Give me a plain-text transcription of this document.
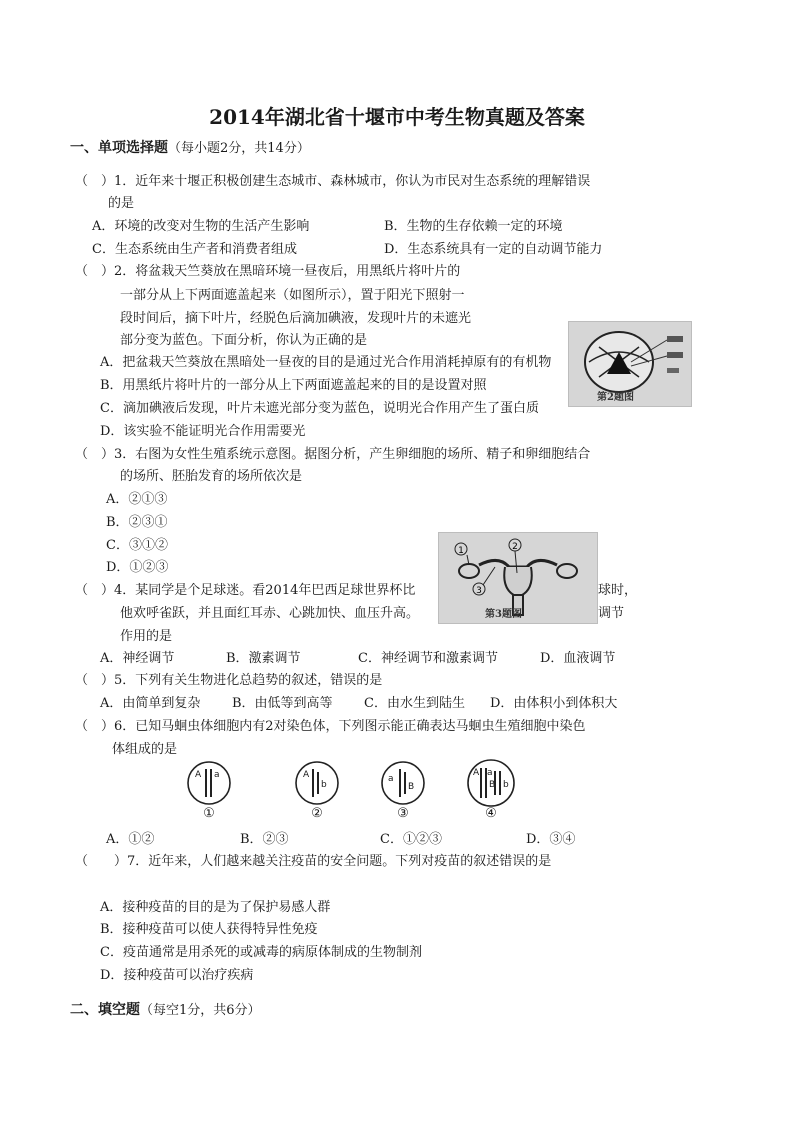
2014年湖北省十堰市中考生物真题及答案
一、单项选择题（每小题2分，共14分）
（　）1．近年来十堰正积极创建生态城市、森林城市，你认为市民对生态系统的理解错误
的是
A．环境的改变对生物的生活产生影响	B．生物的生存依赖一定的环境
C．生态系统由生产者和消费者组成	D．生态系统具有一定的自动调节能力
（　）2．将盆栽天竺葵放在黑暗环境一昼夜后，用黑纸片将叶片的
一部分从上下两面遮盖起来（如图所示），置于阳光下照射一
段时间后，摘下叶片，经脱色后滴加碘液，发现叶片的未遮光
部分变为蓝色。下面分析，你认为正确的是
A．把盆栽天竺葵放在黑暗处一昼夜的目的是通过光合作用消耗掉原有的有机物
B．用黑纸片将叶片的一部分从上下两面遮盖起来的目的是设置对照
C．滴加碘液后发现，叶片未遮光部分变为蓝色，说明光合作用产生了蛋白质
D．该实验不能证明光合作用需要光
第2题图
（　）3．右图为女性生殖系统示意图。据图分析，产生卵细胞的场所、精子和卵细胞结合
的场所、胚胎发育的场所依次是
A．②①③
B．②③①
C．③①②
D．①②③
1	2
3
第3题图
（　）4．某同学是个足球迷。看2014年巴西足球世界杯比	球时，
他欢呼雀跃，并且面红耳赤、心跳加快、血压升高。	调节
作用的是
A．神经调节	B．激素调节	C．神经调节和激素调节	D．血液调节
（　）5．下列有关生物进化总趋势的叙述，错误的是
A．由简单到复杂 B．由低等到高等 C．由水生到陆生 D．由体积小到体积大
（　）6．已知马蛔虫体细胞内有2对染色体，下列图示能正确表达马蛔虫生殖细胞中染色
体组成的是
A a
①
A
b
②
a
B
③
A a
B b
④
A．①②	B．②③	C．①②③	D．③④
（　　）7．近年来，人们越来越关注疫苗的安全问题。下列对疫苗的叙述错误的是
A．接种疫苗的目的是为了保护易感人群
B．接种疫苗可以使人获得特异性免疫
C．疫苗通常是用杀死的或减毒的病原体制成的生物制剂
D．接种疫苗可以治疗疾病
二、填空题（每空1分，共6分）
